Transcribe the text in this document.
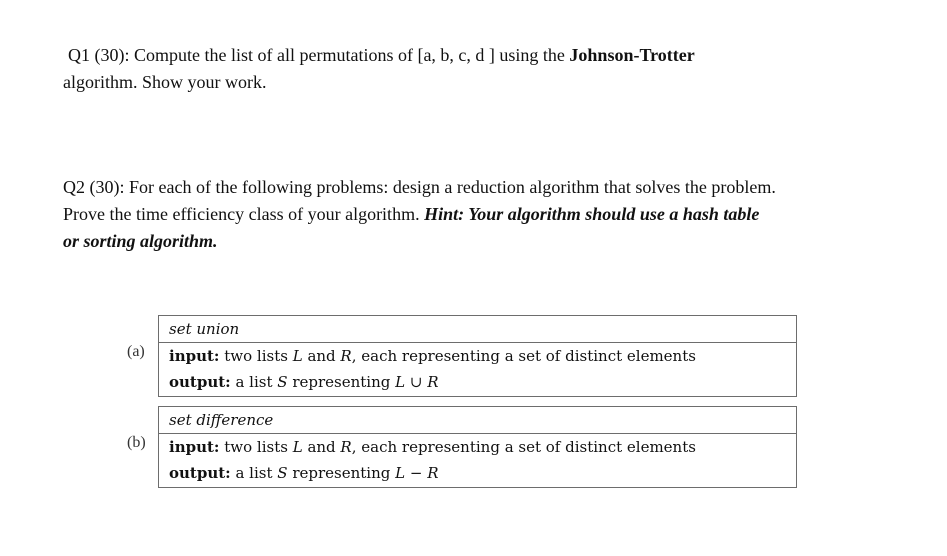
Q1 (30): Compute the list of all permutations of [a, b, c, d ] using the Johnson-Trotter
algorithm. Show your work.
Q2 (30): For each of the following problems: design a reduction algorithm that solves the problem.
Prove the time efficiency class of your algorithm. Hint: Your algorithm should use a hash table
or sorting algorithm.
(a)
set union
input: two lists L and R, each representing a set of distinct elements
output: a list S representing L ∪ R
(b)
set difference
input: two lists L and R, each representing a set of distinct elements
output: a list S representing L − R
